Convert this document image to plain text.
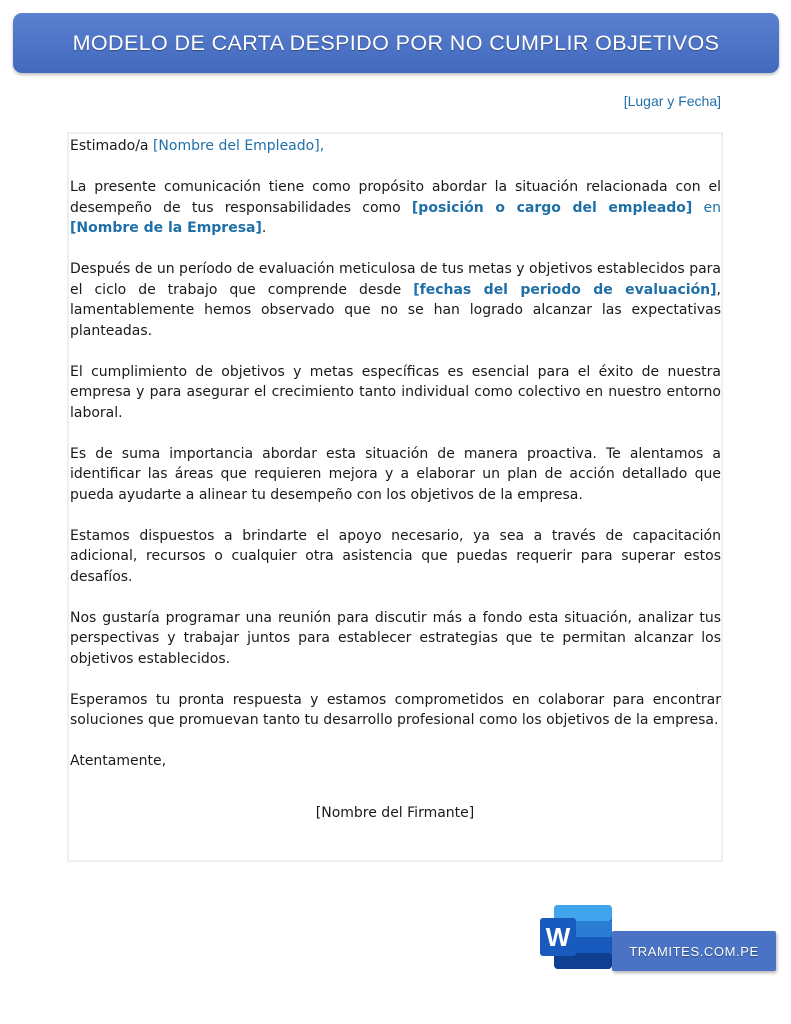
MODELO DE CARTA DESPIDO POR NO CUMPLIR OBJETIVOS
[Lugar y Fecha]

Estimado/a [Nombre del Empleado],

La presente comunicación tiene como propósito abordar la situación relacionada con el desempeño de tus responsabilidades como [posición o cargo del empleado] en [Nombre de la Empresa].

Después de un período de evaluación meticulosa de tus metas y objetivos establecidos para el ciclo de trabajo que comprende desde [fechas del periodo de evaluación], lamentablemente hemos observado que no se han logrado alcanzar las expectativas planteadas.

El cumplimiento de objetivos y metas específicas es esencial para el éxito de nuestra empresa y para asegurar el crecimiento tanto individual como colectivo en nuestro entorno laboral.

Es de suma importancia abordar esta situación de manera proactiva. Te alentamos a identificar las áreas que requieren mejora y a elaborar un plan de acción detallado que pueda ayudarte a alinear tu desempeño con los objetivos de la empresa.

Estamos dispuestos a brindarte el apoyo necesario, ya sea a través de capacitación adicional, recursos o cualquier otra asistencia que puedas requerir para superar estos desafíos.

Nos gustaría programar una reunión para discutir más a fondo esta situación, analizar tus perspectivas y trabajar juntos para establecer estrategias que te permitan alcanzar los objetivos establecidos.

Esperamos tu pronta respuesta y estamos comprometidos en colaborar para encontrar soluciones que promuevan tanto tu desarrollo profesional como los objetivos de la empresa.

Atentamente,

[Nombre del Firmante]
W	TRAMITES.COM.PE
